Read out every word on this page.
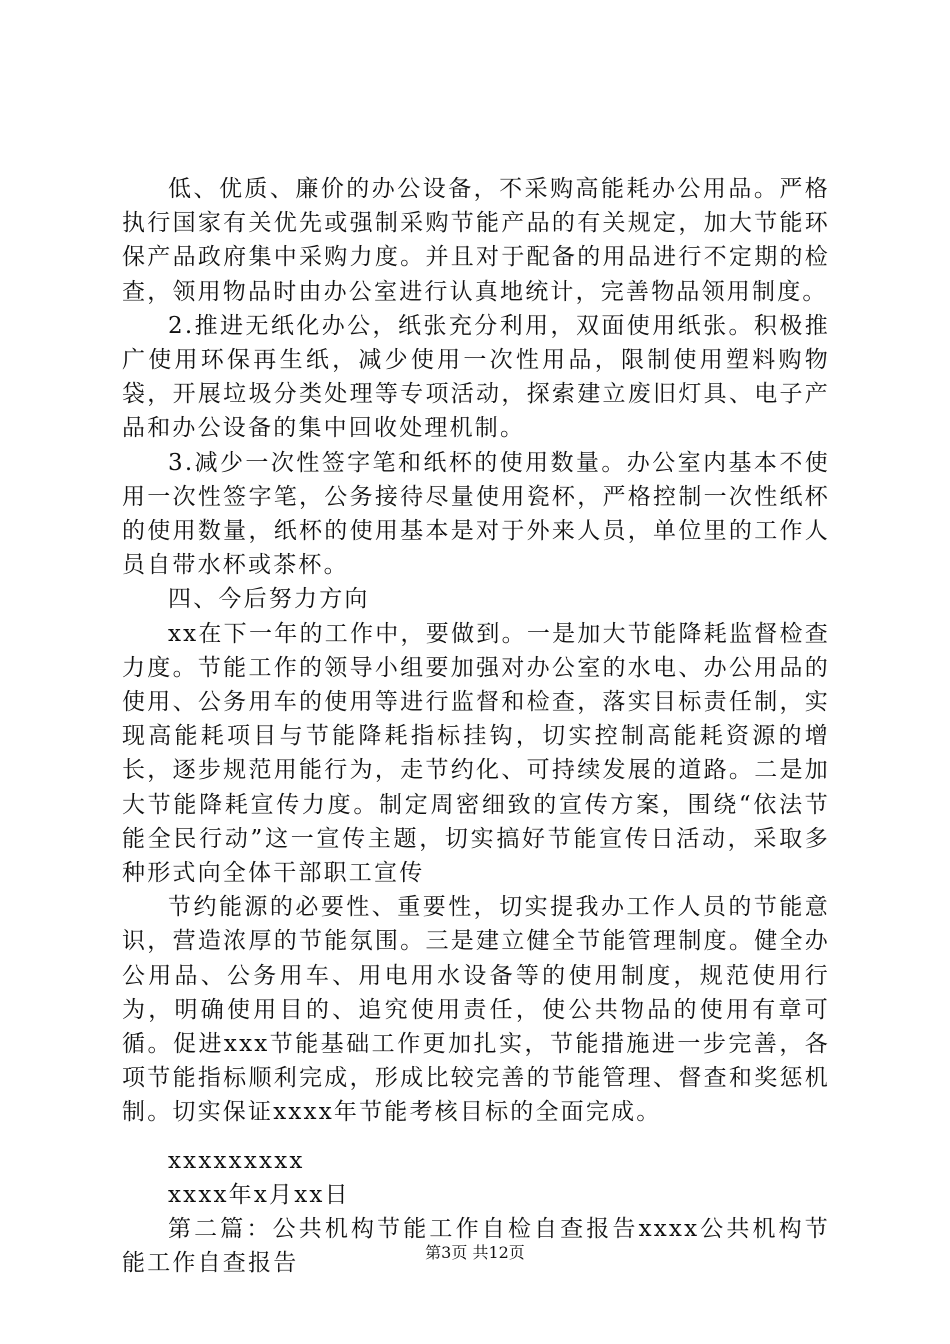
低、优质、廉价的办公设备，不采购高能耗办公用品。严格执行国家有关优先或强制采购节能产品的有关规定，加大节能环保产品政府集中采购力度。并且对于配备的用品进行不定期的检查，领用物品时由办公室进行认真地统计，完善物品领用制度。

2.推进无纸化办公，纸张充分利用，双面使用纸张。积极推广使用环保再生纸，减少使用一次性用品，限制使用塑料购物袋，开展垃圾分类处理等专项活动，探索建立废旧灯具、电子产品和办公设备的集中回收处理机制。

3.减少一次性签字笔和纸杯的使用数量。办公室内基本不使用一次性签字笔，公务接待尽量使用瓷杯，严格控制一次性纸杯的使用数量，纸杯的使用基本是对于外来人员，单位里的工作人员自带水杯或茶杯。

四、今后努力方向

xx在下一年的工作中，要做到。一是加大节能降耗监督检查力度。节能工作的领导小组要加强对办公室的水电、办公用品的使用、公务用车的使用等进行监督和检查，落实目标责任制，实现高能耗项目与节能降耗指标挂钩，切实控制高能耗资源的增长，逐步规范用能行为，走节约化、可持续发展的道路。二是加大节能降耗宣传力度。制定周密细致的宣传方案，围绕“依法节能全民行动”这一宣传主题，切实搞好节能宣传日活动，采取多种形式向全体干部职工宣传

节约能源的必要性、重要性，切实提我办工作人员的节能意识，营造浓厚的节能氛围。三是建立健全节能管理制度。健全办公用品、公务用车、用电用水设备等的使用制度，规范使用行为，明确使用目的、追究使用责任，使公共物品的使用有章可循。促进xxx节能基础工作更加扎实，节能措施进一步完善，各项节能指标顺利完成，形成比较完善的节能管理、督查和奖惩机制。切实保证xxxx年节能考核目标的全面完成。

xxxxxxxxx

xxxx年x月xx日

第二篇：公共机构节能工作自检自查报告xxxx公共机构节能工作自查报告	第3页 共12页
